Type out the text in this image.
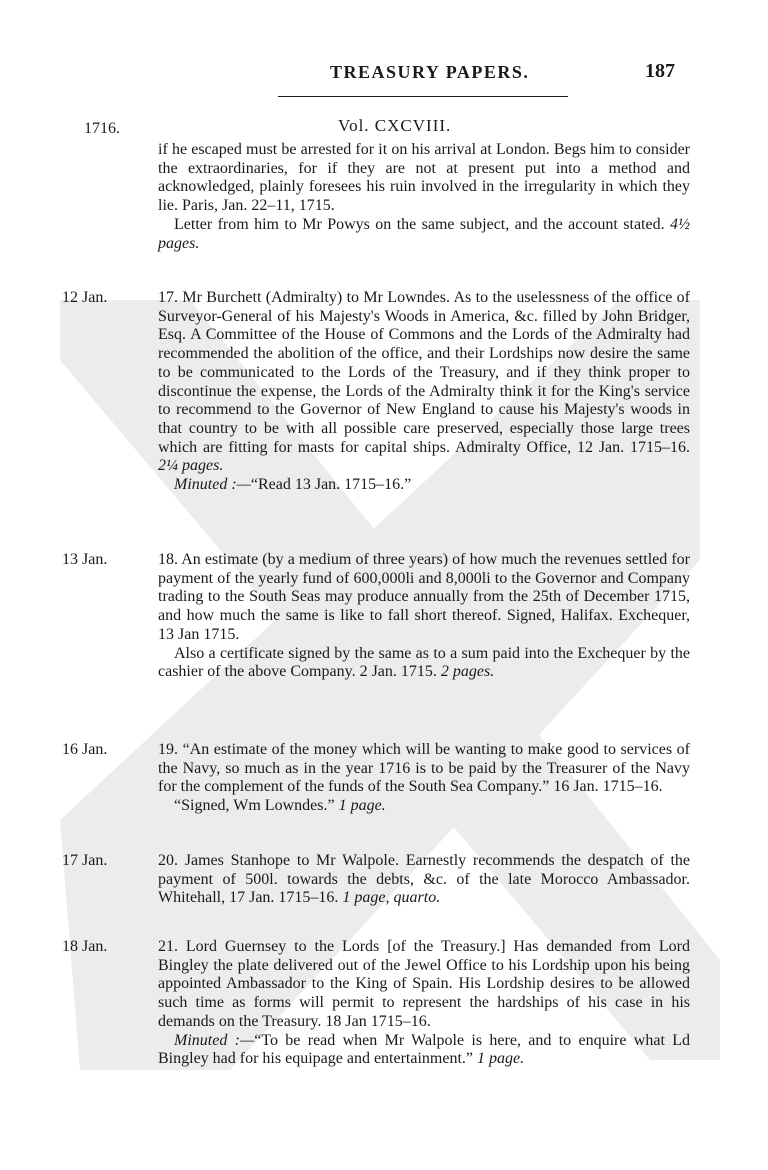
TREASURY PAPERS.	187
1716.	Vol. CXCVIII.

if he escaped must be arrested for it on his arrival at London. Begs him to consider the extraordinaries, for if they are not at present put into a method and acknowledged, plainly foresees his ruin involved in the irregularity in which they lie. Paris, Jan. 22–11, 1715.

Letter from him to Mr Powys on the same subject, and the account stated. 4½ pages.

12 Jan.	17. Mr Burchett (Admiralty) to Mr Lowndes. As to the uselessness of the office of Surveyor-General of his Majesty's Woods in America, &c. filled by John Bridger, Esq. A Committee of the House of Commons and the Lords of the Admiralty had recommended the abolition of the office, and their Lordships now desire the same to be communicated to the Lords of the Treasury, and if they think proper to discontinue the expense, the Lords of the Admiralty think it for the King's service to recommend to the Governor of New England to cause his Majesty's woods in that country to be with all possible care preserved, especially those large trees which are fitting for masts for capital ships. Admiralty Office, 12 Jan. 1715–16. 2¼ pages.

Minuted :—“Read 13 Jan. 1715–16.”

13 Jan.	18. An estimate (by a medium of three years) of how much the revenues settled for payment of the yearly fund of 600,000li and 8,000li to the Governor and Company trading to the South Seas may produce annually from the 25th of December 1715, and how much the same is like to fall short thereof. Signed, Halifax. Exchequer, 13 Jan 1715.

Also a certificate signed by the same as to a sum paid into the Exchequer by the cashier of the above Company. 2 Jan. 1715. 2 pages.

16 Jan.	19. “An estimate of the money which will be wanting to make good to services of the Navy, so much as in the year 1716 is to be paid by the Treasurer of the Navy for the complement of the funds of the South Sea Company.” 16 Jan. 1715–16.

“Signed, Wm Lowndes.” 1 page.

17 Jan.	20. James Stanhope to Mr Walpole. Earnestly recommends the despatch of the payment of 500l. towards the debts, &c. of the late Morocco Ambassador. Whitehall, 17 Jan. 1715–16. 1 page, quarto.

18 Jan.	21. Lord Guernsey to the Lords [of the Treasury.] Has demanded from Lord Bingley the plate delivered out of the Jewel Office to his Lordship upon his being appointed Ambassador to the King of Spain. His Lordship desires to be allowed such time as forms will permit to represent the hardships of his case in his demands on the Treasury. 18 Jan 1715–16.

Minuted :—“To be read when Mr Walpole is here, and to enquire what Ld Bingley had for his equipage and entertainment.” 1 page.
